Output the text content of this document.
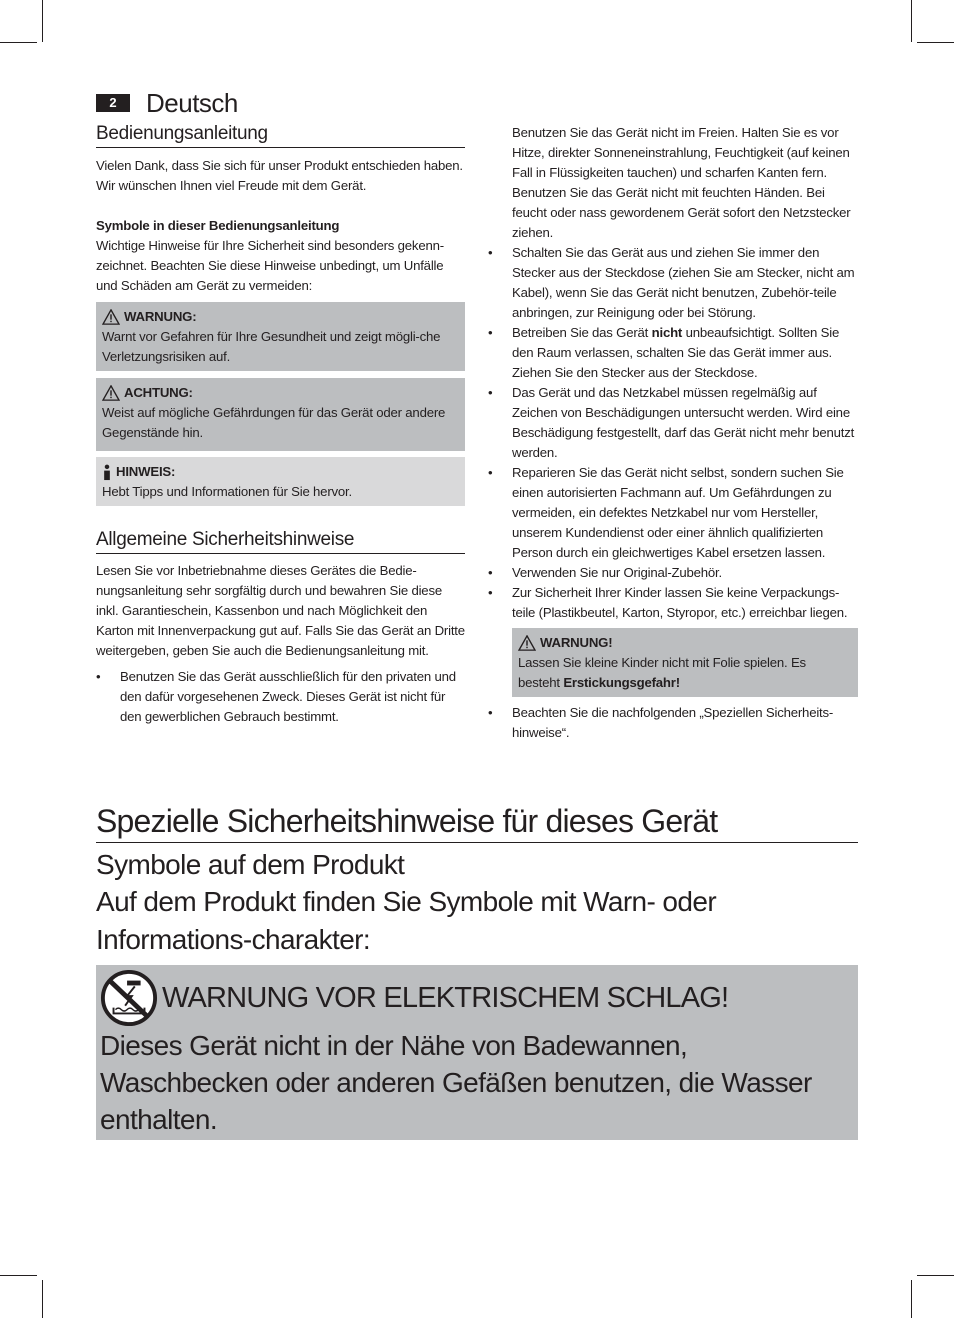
2	Deutsch
Bedienungsanleitung

Vielen Dank, dass Sie sich für unser Produkt entschieden haben. Wir wünschen Ihnen viel Freude mit dem Gerät.

Symbole in dieser Bedienungsanleitung

Wichtige Hinweise für Ihre Sicherheit sind besonders gekenn-zeichnet. Beachten Sie diese Hinweise unbedingt, um Unfälle und Schäden am Gerät zu vermeiden:

WARNUNG:
Warnt vor Gefahren für Ihre Gesundheit und zeigt mögli-che Verletzungsrisiken auf.
ACHTUNG:
Weist auf mögliche Gefährdungen für das Gerät oder andere Gegenstände hin.
HINWEIS:
Hebt Tipps und Informationen für Sie hervor.
Allgemeine Sicherheitshinweise

Lesen Sie vor Inbetriebnahme dieses Gerätes die Bedie-nungsanleitung sehr sorgfältig durch und bewahren Sie diese inkl. Garantieschein, Kassenbon und nach Möglichkeit den Karton mit Innenverpackung gut auf. Falls Sie das Gerät an Dritte weitergeben, geben Sie auch die Bedienungsanleitung mit.

• Benutzen Sie das Gerät ausschließlich für den privaten und den dafür vorgesehenen Zweck. Dieses Gerät ist nicht für den gewerblichen Gebrauch bestimmt.

Benutzen Sie das Gerät nicht im Freien. Halten Sie es vor Hitze, direkter Sonneneinstrahlung, Feuchtigkeit (auf keinen Fall in Flüssigkeiten tauchen) und scharfen Kanten fern. Benutzen Sie das Gerät nicht mit feuchten Händen. Bei feucht oder nass gewordenem Gerät sofort den Netzstecker ziehen.

• Schalten Sie das Gerät aus und ziehen Sie immer den Stecker aus der Steckdose (ziehen Sie am Stecker, nicht am Kabel), wenn Sie das Gerät nicht benutzen, Zubehör-teile anbringen, zur Reinigung oder bei Störung.
• Betreiben Sie das Gerät nicht unbeaufsichtigt. Sollten Sie den Raum verlassen, schalten Sie das Gerät immer aus. Ziehen Sie den Stecker aus der Steckdose.
• Das Gerät und das Netzkabel müssen regelmäßig auf Zeichen von Beschädigungen untersucht werden. Wird eine Beschädigung festgestellt, darf das Gerät nicht mehr benutzt werden.
• Reparieren Sie das Gerät nicht selbst, sondern suchen Sie einen autorisierten Fachmann auf. Um Gefährdungen zu vermeiden, ein defektes Netzkabel nur vom Hersteller, unserem Kundendienst oder einer ähnlich qualifizierten Person durch ein gleichwertiges Kabel ersetzen lassen.
• Verwenden Sie nur Original-Zubehör.
• Zur Sicherheit Ihrer Kinder lassen Sie keine Verpackungs-teile (Plastikbeutel, Karton, Styropor, etc.) erreichbar liegen.
WARNUNG!
Lassen Sie kleine Kinder nicht mit Folie spielen. Es besteht Erstickungsgefahr!
• Beachten Sie die nachfolgenden „Speziellen Sicherheits-hinweise“.
Spezielle Sicherheitshinweise für dieses Gerät
Symbole auf dem Produkt
Auf dem Produkt finden Sie Symbole mit Warn- oder Informations-charakter:
WARNUNG VOR ELEKTRISCHEM SCHLAG!
Dieses Gerät nicht in der Nähe von Badewannen, Waschbecken oder anderen Gefäßen benutzen, die Wasser enthalten.
